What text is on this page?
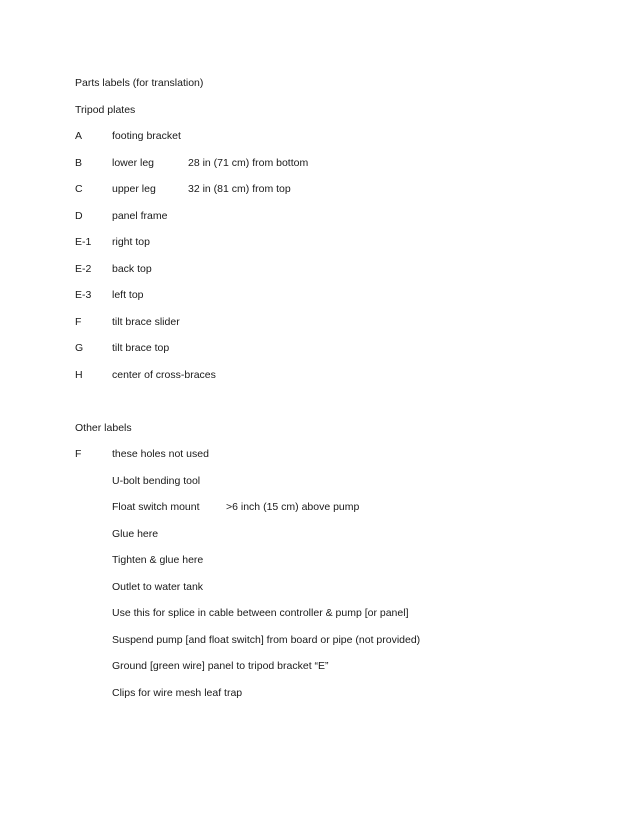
Parts labels (for translation)
Tripod plates
A	footing bracket
B	lower leg	28 in (71 cm) from bottom
C	upper leg	32 in (81 cm) from top
D	panel frame
E-1 right top
E-2 back top
E-3 left top
F	tilt brace slider
G	tilt brace top
H	center of cross-braces
Other labels
F	these holes not used
U-bolt bending tool
Float switch mount	>6 inch (15 cm) above pump
Glue here
Tighten & glue here
Outlet to water tank
Use this for splice in cable between controller & pump [or panel]
Suspend pump [and float switch] from board or pipe (not provided)
Ground [green wire] panel to tripod bracket “E”
Clips for wire mesh leaf trap
